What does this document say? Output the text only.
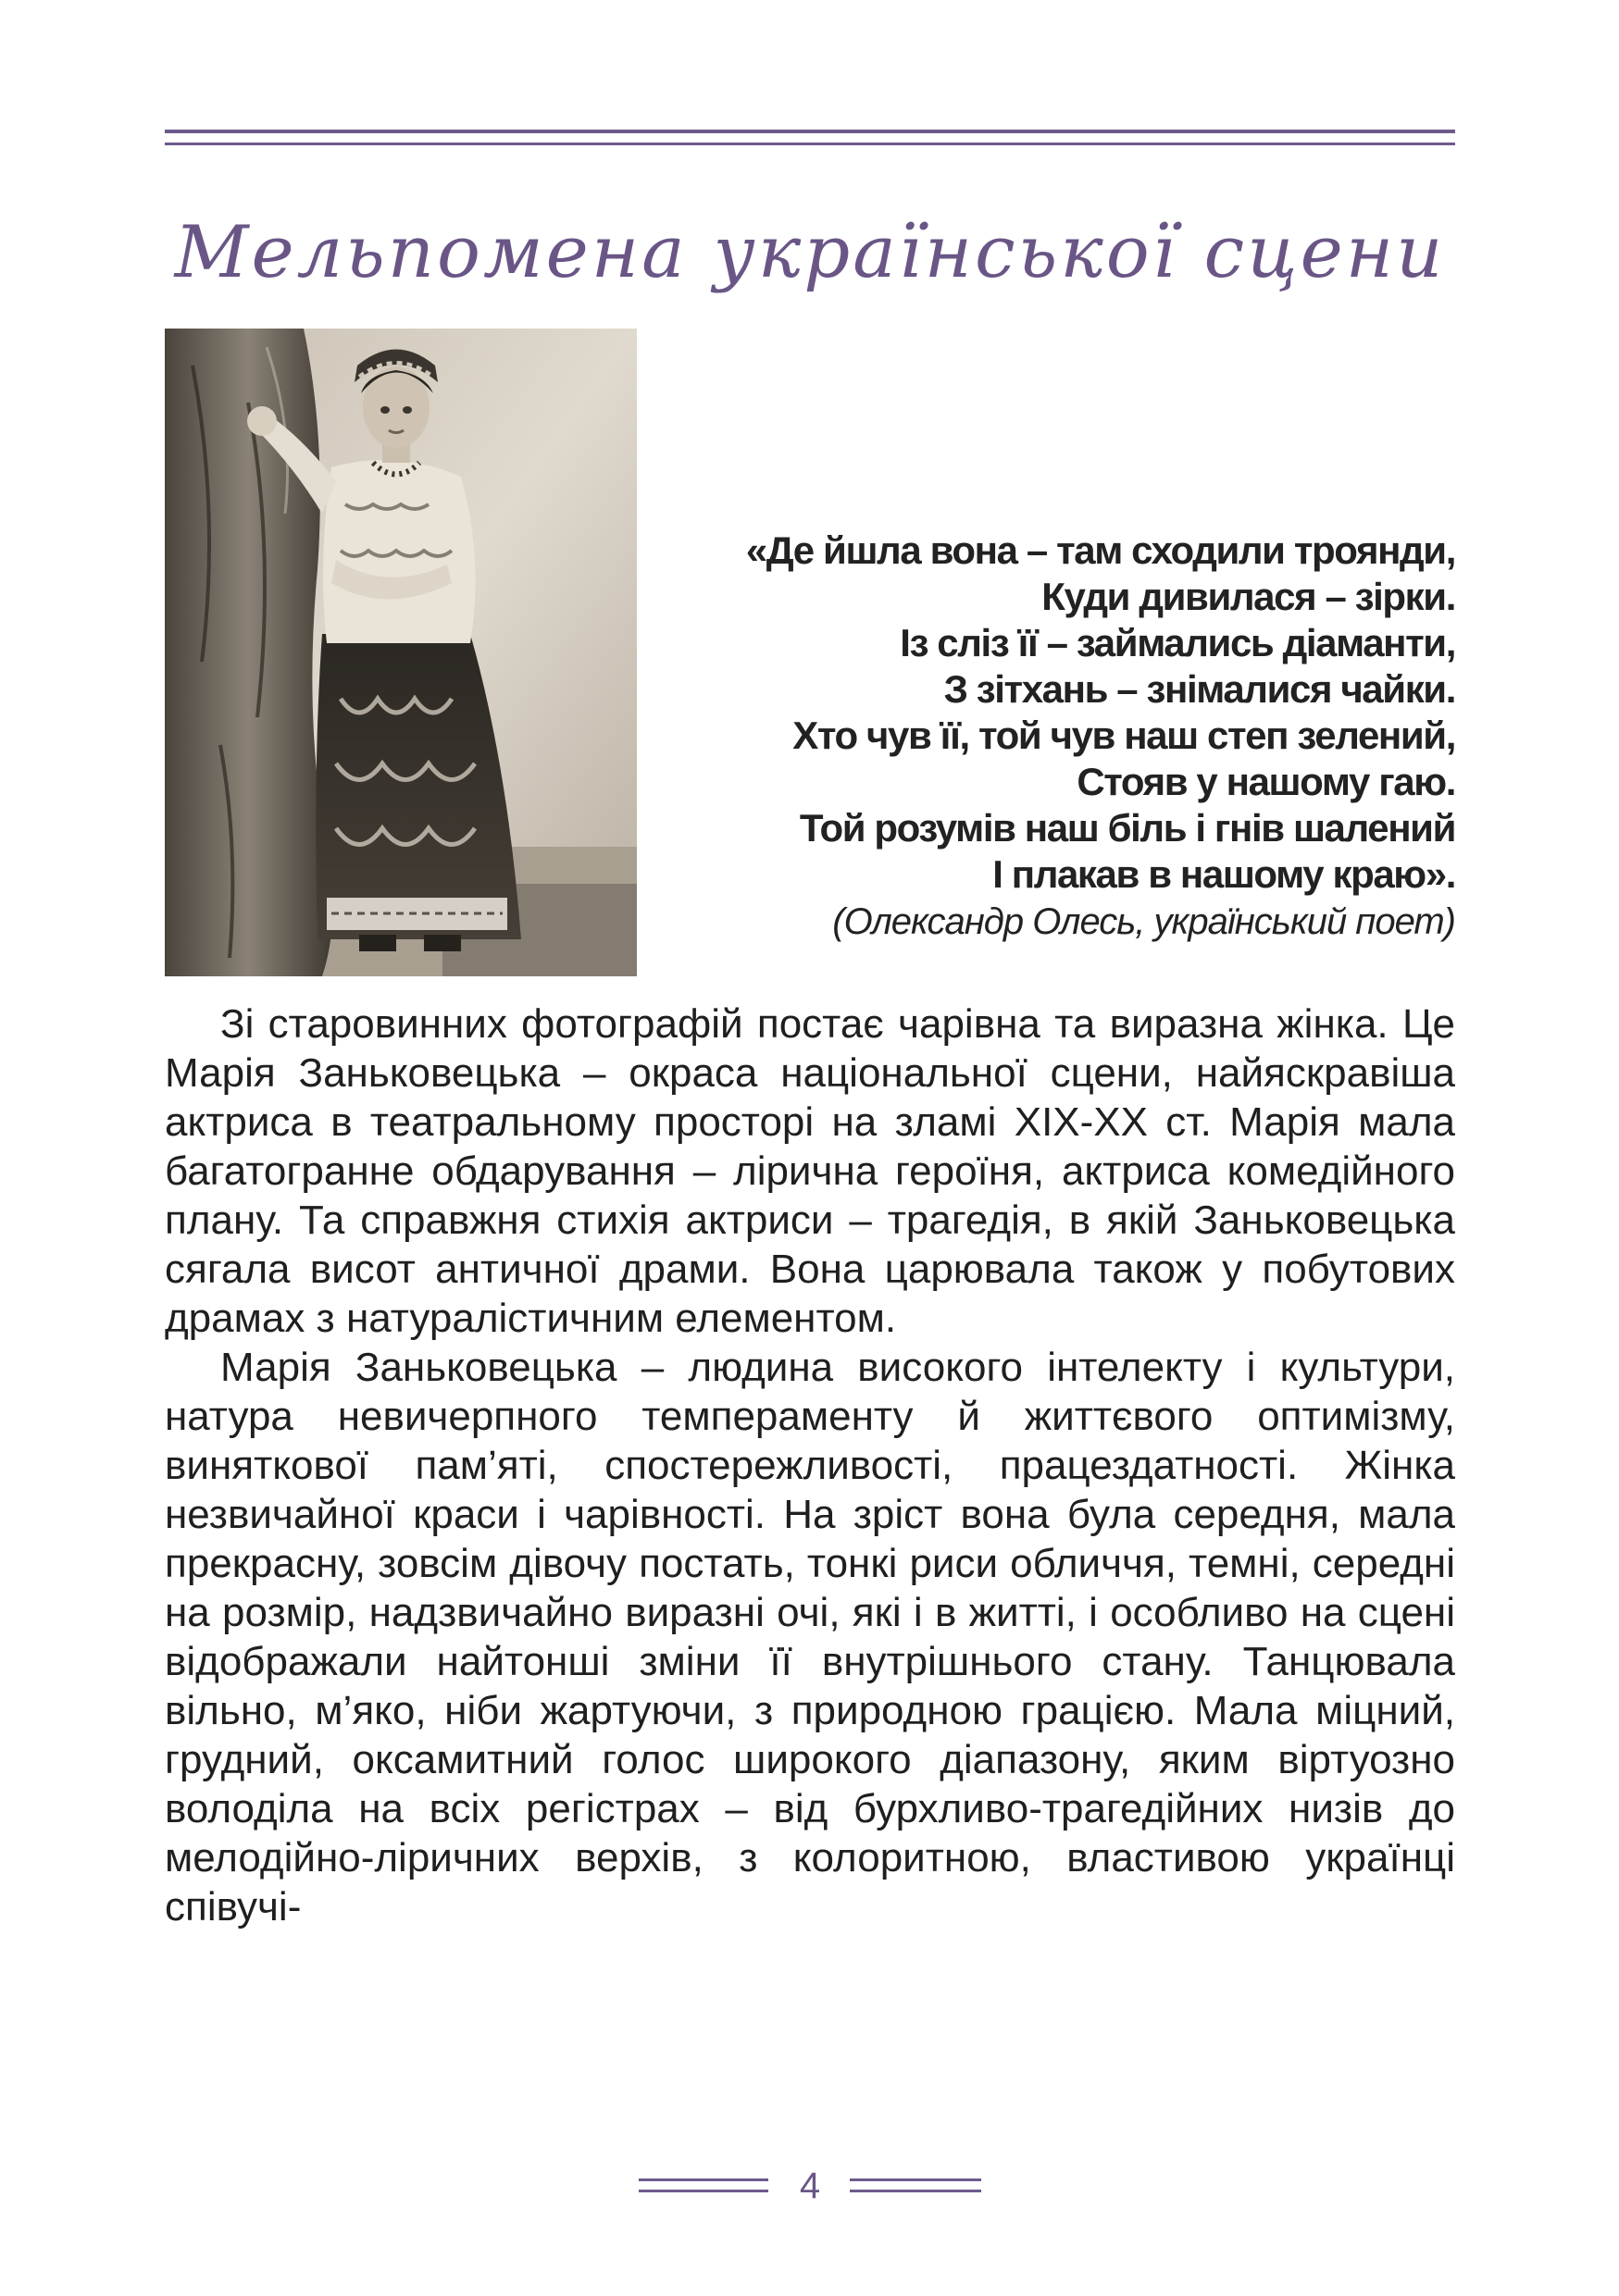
Мельпомена української сцени
«Де йшла вона – там сходили троянди,
Куди дивилася – зірки.
Із сліз її – займались діаманти,
З зітхань – знімалися чайки.
Хто чув її, той чув наш степ зелений,
Стояв у нашому гаю.
Той розумів наш біль і гнів шалений
І плакав в нашому краю».
(Олександр Олесь, український поет)

Зі старовинних фотографій постає чарівна та виразна жінка. Це Марія Заньковецька – окраса національної сцени, найяскравіша актриса в театральному просторі на зламі XIX-XX ст. Марія мала багатогранне обдарування – лірична героїня, актриса комедійного плану. Та справжня стихія актриси – трагедія, в якій Заньковецька сягала висот античної драми. Вона царювала також у побутових драмах з натуралістичним елементом.

Марія Заньковецька – людина високого інтелекту і культури, натура невичерпного темпераменту й життєвого оптимізму, виняткової пам’яті, спостережливості, працездатності. Жінка незвичайної краси і чарівності. На зріст вона була середня, мала прекрасну, зовсім дівочу постать, тонкі риси обличчя, темні, середні на розмір, надзвичайно виразні очі, які і в житті, і особливо на сцені відображали найтонші зміни її внутрішнього стану. Танцювала вільно, м’яко, ніби жартуючи, з природною грацією. Мала міцний, грудний, оксамитний голос широкого діапазону, яким віртуозно володіла на всіх регістрах – від бурхливо-трагедійних низів до мелодійно-ліричних верхів, з колоритною, властивою українці співучі-

4
